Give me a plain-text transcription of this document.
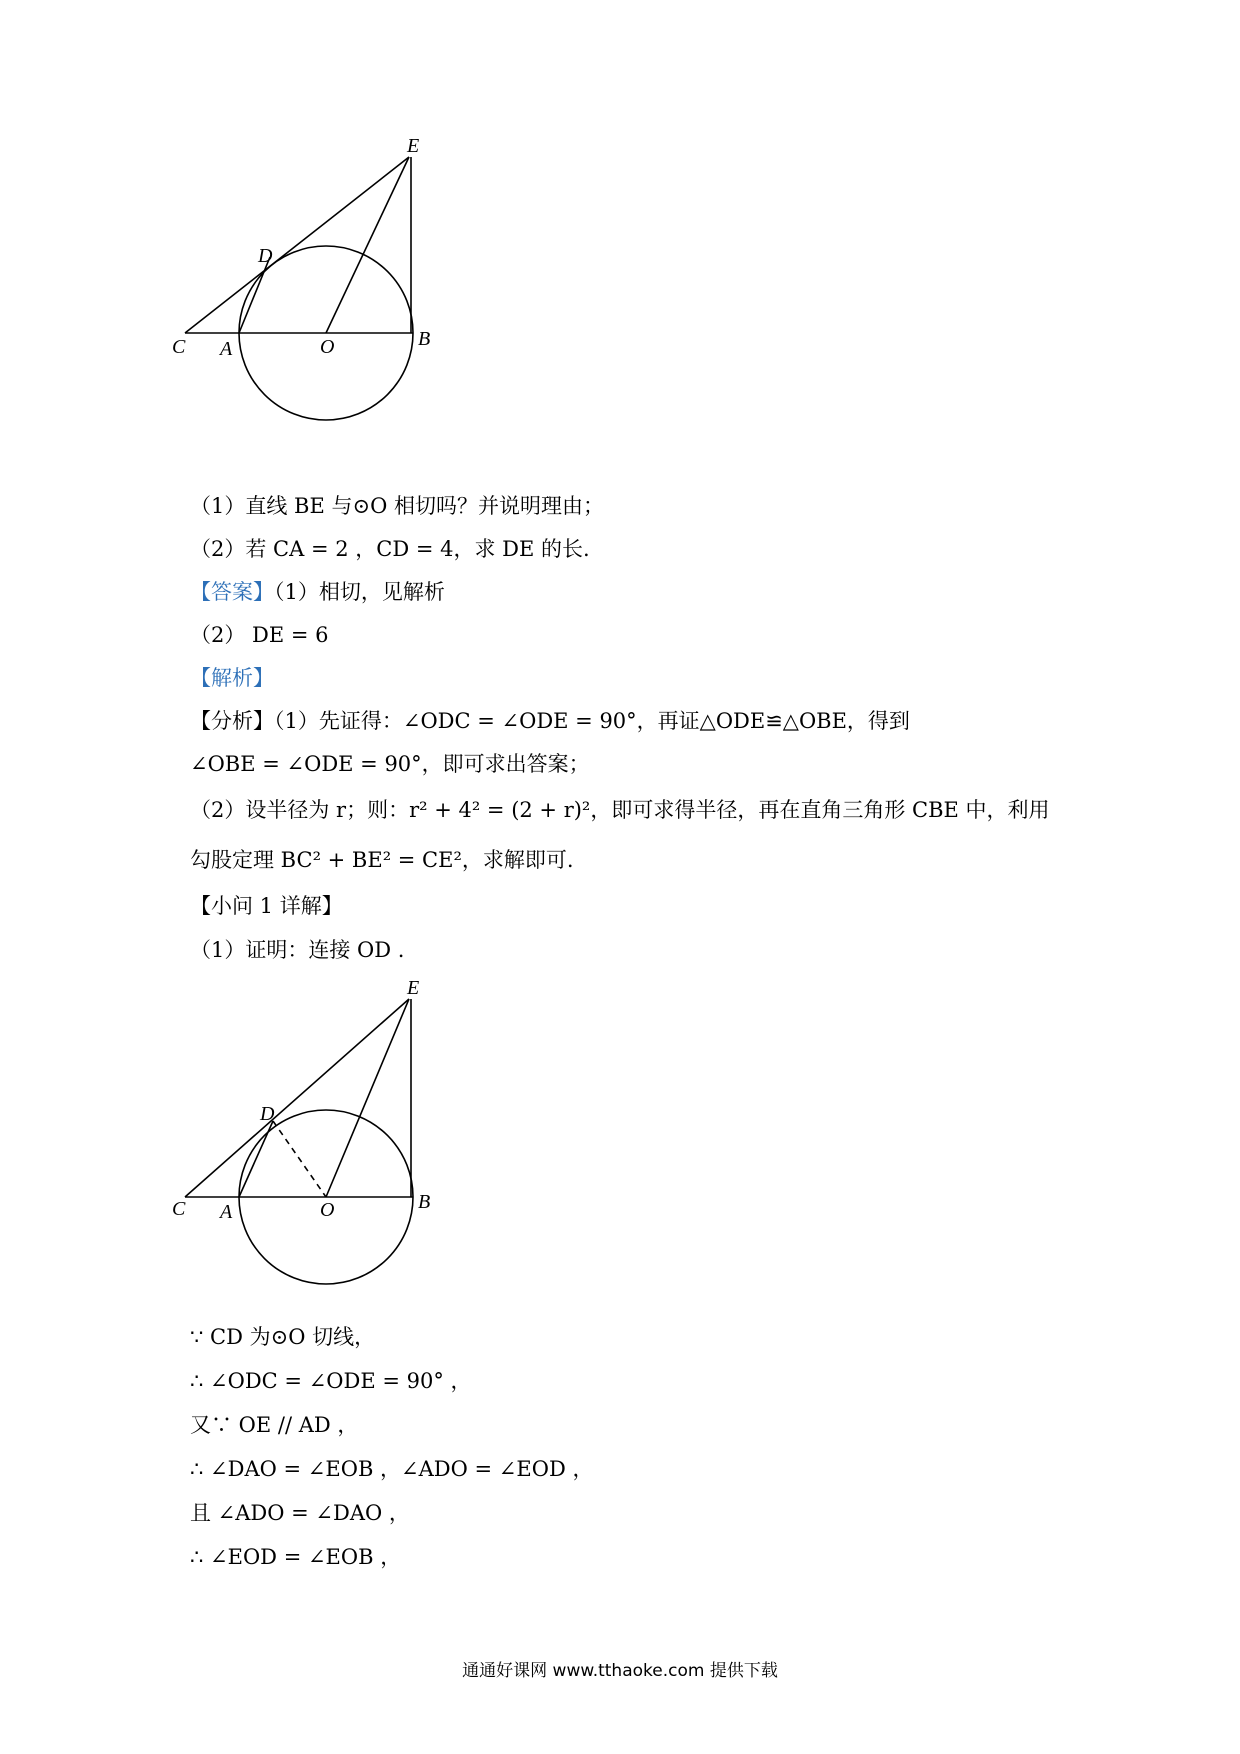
E
D
C A	O	B
（1）直线 BE 与⊙O 相切吗？并说明理由；
（2）若 CA = 2 ，CD = 4，求 DE 的长.
【答案】（1）相切，见解析
（2） DE = 6
【解析】
【分析】（1）先证得：∠ODC = ∠ODE = 90°，再证△ODE≌△OBE，得到
∠OBE = ∠ODE = 90°，即可求出答案；
（2）设半径为 r；则：r² + 4² = (2 + r)²，即可求得半径，再在直角三角形 CBE 中，利用
勾股定理 BC² + BE² = CE²，求解即可.
【小问 1 详解】
（1）证明：连接 OD .
E
D
C A	O	B
∵ CD 为⊙O 切线，
∴ ∠ODC = ∠ODE = 90° ，
又∵ OE // AD ，
∴ ∠DAO = ∠EOB ，∠ADO = ∠EOD ，
且 ∠ADO = ∠DAO ，
∴ ∠EOD = ∠EOB ，
通通好课网 www.tthaoke.com 提供下载
